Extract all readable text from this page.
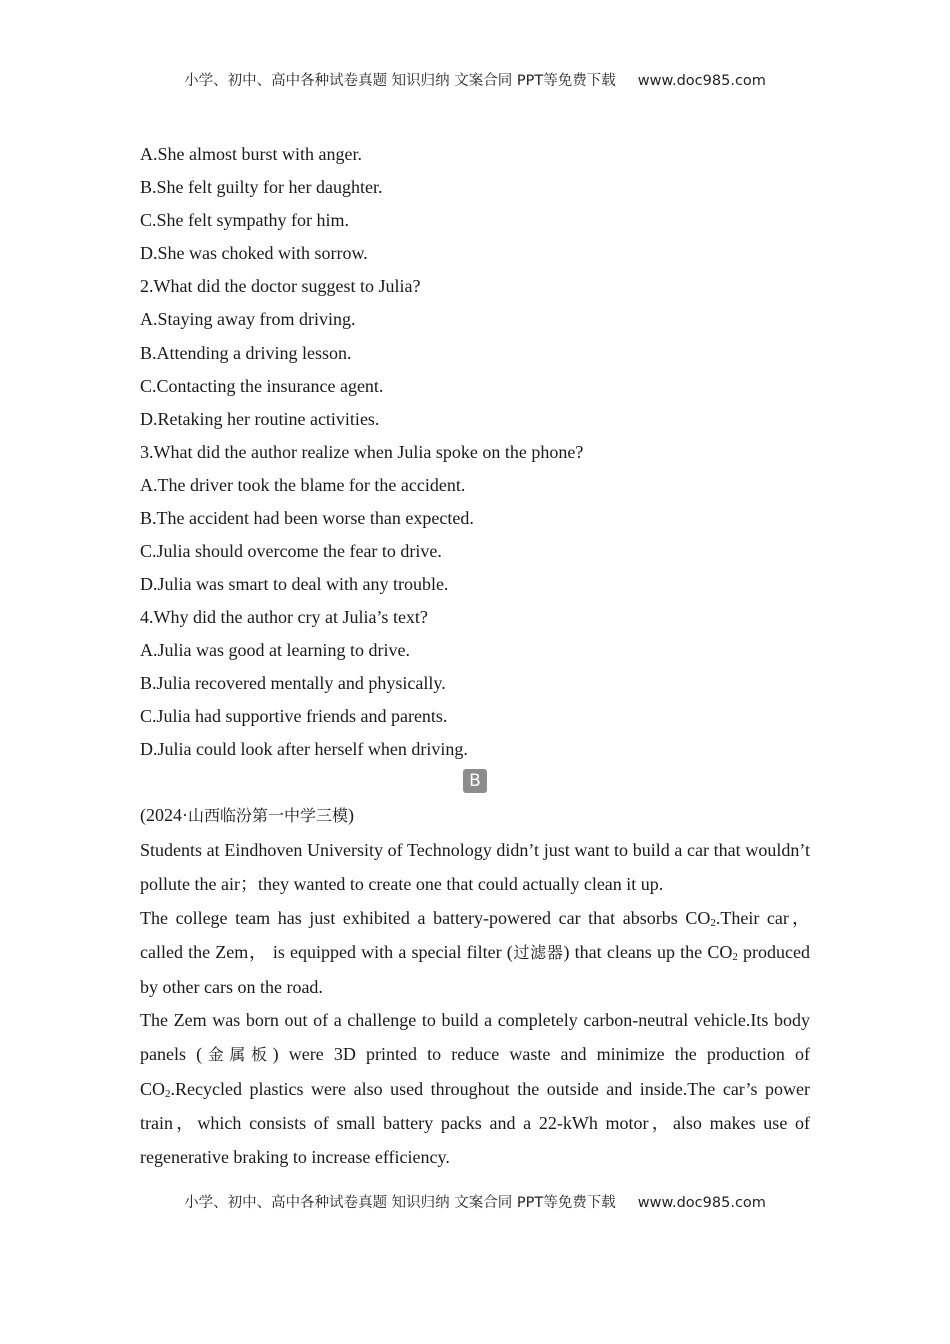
小学、初中、高中各种试卷真题 知识归纳 文案合同 PPT等免费下载 www.doc985.com
A.She almost burst with anger.
B.She felt guilty for her daughter.
C.She felt sympathy for him.
D.She was choked with sorrow.
2.What did the doctor suggest to Julia?
A.Staying away from driving.
B.Attending a driving lesson.
C.Contacting the insurance agent.
D.Retaking her routine activities.
3.What did the author realize when Julia spoke on the phone?
A.The driver took the blame for the accident.
B.The accident had been worse than expected.
C.Julia should overcome the fear to drive.
D.Julia was smart to deal with any trouble.
4.Why did the author cry at Julia’s text?
A.Julia was good at learning to drive.
B.Julia recovered mentally and physically.
C.Julia had supportive friends and parents.
D.Julia could look after herself when driving.
(2024·山西临汾第一中学三模)
Students at Eindhoven University of Technology didn’t just want to build a car that wouldn’t pollute the air；they wanted to create one that could actually clean it up.
The college team has just exhibited a battery-powered car that absorbs $CO_2.Their$ car，called the Zem， is equipped with a special filter (过滤器) that cleans up the $CO_2$ produced by other cars on the road.
The Zem was born out of a challenge to build a completely carbon-neutral vehicle.Its body panels (金属板) were 3D printed to reduce waste and minimize the production of $CO_2.Recycled$ plastics were also used throughout the outside and inside.The car’s power train，which consists of small battery packs and a 22-kWh motor，also makes use of regenerative braking to increase efficiency.
B
小学、初中、高中各种试卷真题 知识归纳 文案合同 PPT等免费下载 www.doc985.com
